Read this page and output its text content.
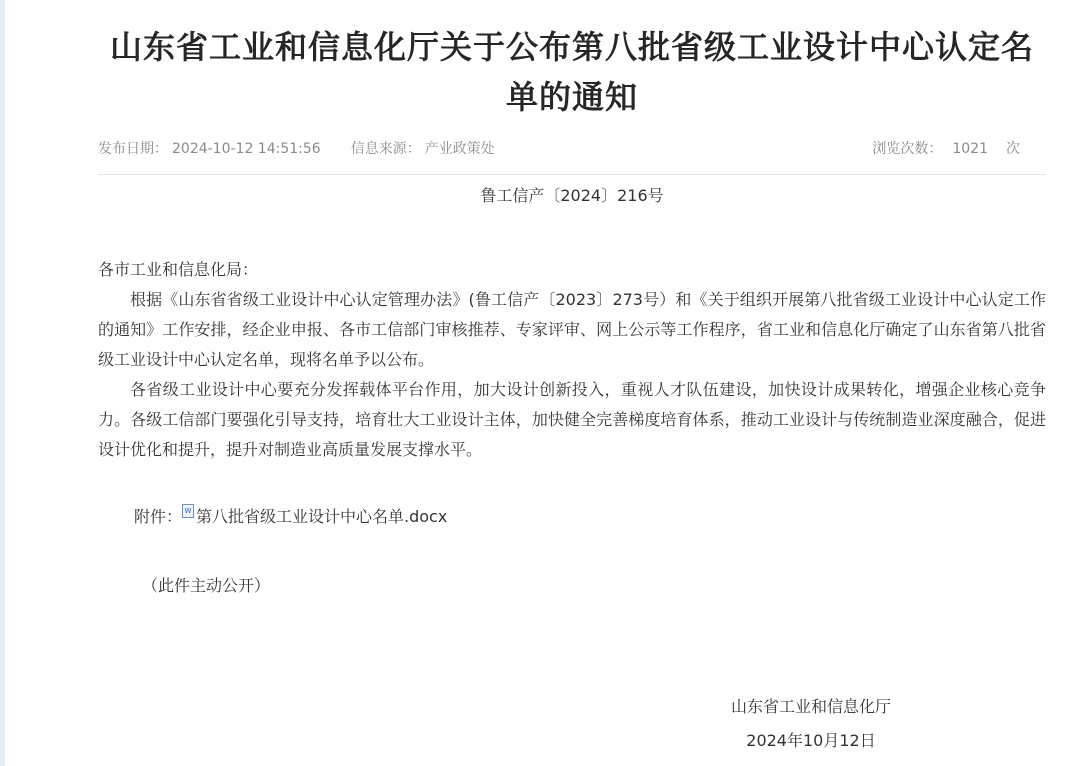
山东省工业和信息化厅关于公布第八批省级工业设计中心认定名单的通知
发布日期： 2024-10-12 14:51:56 信息来源： 产业政策处	浏览次数： 1021 次
鲁工信产〔2024〕216号
各市工业和信息化局：
根据《山东省省级工业设计中心认定管理办法》(鲁工信产〔2023〕273号）和《关于组织开展第八批省级工业设计中心认定工作的通知》工作安排，经企业申报、各市工信部门审核推荐、专家评审、网上公示等工作程序，省工业和信息化厅确定了山东省第八批省级工业设计中心认定名单，现将名单予以公布。
各省级工业设计中心要充分发挥载体平台作用，加大设计创新投入，重视人才队伍建设，加快设计成果转化，增强企业核心竞争力。各级工信部门要强化引导支持，培育壮大工业设计主体，加快健全完善梯度培育体系，推动工业设计与传统制造业深度融合，促进设计优化和提升，提升对制造业高质量发展支撑水平。
附件： W 第八批省级工业设计中心名单.docx
（此件主动公开）
山东省工业和信息化厅
2024年10月12日
